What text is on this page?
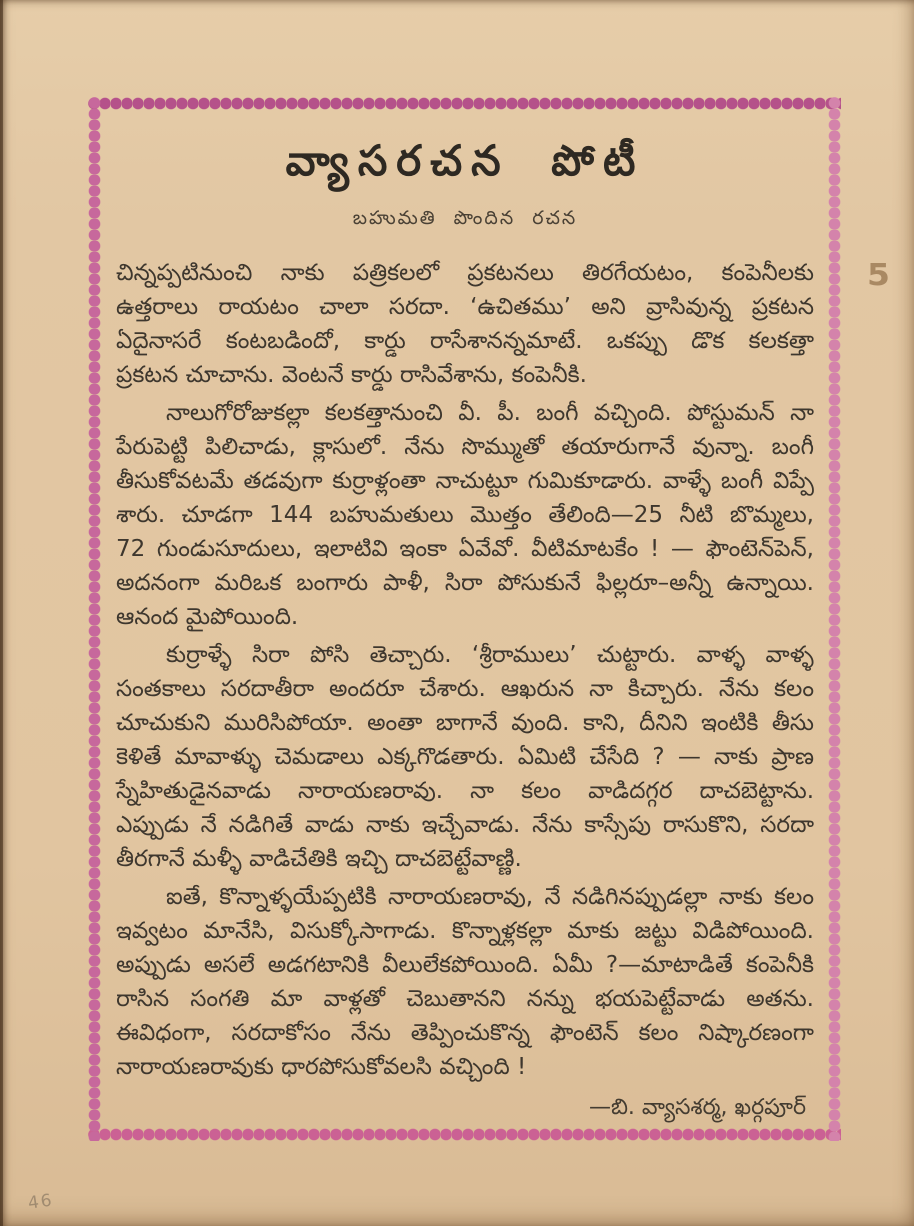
వ్యాసరచన పోటీ
బహుమతి పొందిన రచన
చిన్నప్పటినుంచి నాకు పత్రికలలో ప్రకటనలు తిరగేయటం, కంపెనీలకు
ఉత్తరాలు రాయటం చాలా సరదా. ‘ఉచితము’ అని వ్రాసివున్న ప్రకటన
ఏదైనాసరే కంటబడిందో, కార్డు రాసేశానన్నమాటే. ఒకప్పు డొక కలకత్తా
ప్రకటన చూచాను. వెంటనే కార్డు రాసివేశాను, కంపెనీకి.
నాలుగోరోజుకల్లా కలకత్తానుంచి వీ. పీ. బంగీ వచ్చింది. పోస్టుమన్ నా
పేరుపెట్టి పిలిచాడు, క్లాసులో. నేను సొమ్ముతో తయారుగానే వున్నా. బంగీ
తీసుకోవటమే తడవుగా కుర్రాళ్లంతా నాచుట్టూ గుమికూడారు. వాళ్ళే బంగీ విప్పే
శారు. చూడగా 144 బహుమతులు మొత్తం తేలింది—25 నీటి బొమ్మలు,
72 గుండుసూదులు, ఇలాటివి ఇంకా ఏవేవో. వీటిమాటకేం ! — ఫౌంటెన్‌పెన్,
అదనంగా మరిఒక బంగారు పాళీ, సిరా పోసుకునే ఫిల్లరూ–అన్నీ ఉన్నాయి.
ఆనంద మైపోయింది.
కుర్రాళ్ళే సిరా పోసి తెచ్చారు. ‘శ్రీరాములు’ చుట్టారు. వాళ్ళ వాళ్ళ
సంతకాలు సరదాతీరా అందరూ చేశారు. ఆఖరున నా కిచ్చారు. నేను కలం
చూచుకుని మురిసిపోయా. అంతా బాగానే వుంది. కాని, దీనిని ఇంటికి తీసు
కెళితే మావాళ్ళు చెమడాలు ఎక్కగొడతారు. ఏమిటి చేసేది ? — నాకు ప్రాణ
స్నేహితుడైనవాడు నారాయణరావు. నా కలం వాడిదగ్గర దాచబెట్టాను.
ఎప్పుడు నే నడిగితే వాడు నాకు ఇచ్చేవాడు. నేను కాస్సేపు రాసుకొని, సరదా
తీరగానే మళ్ళీ వాడిచేతికి ఇచ్చి దాచబెట్టేవాణ్ణి.
ఐతే, కొన్నాళ్ళయేప్పటికి నారాయణరావు, నే నడిగినప్పుడల్లా నాకు కలం
ఇవ్వటం మానేసి, విసుక్కోసాగాడు. కొన్నాళ్లకల్లా మాకు జట్టు విడిపోయింది.
అప్పుడు అసలే అడగటానికి వీలులేకపోయింది. ఏమీ ?—మాటాడితే కంపెనీకి
రాసిన సంగతి మా వాళ్లతో చెబుతానని నన్ను భయపెట్టేవాడు అతను.
ఈవిధంగా, సరదాకోసం నేను తెప్పించుకొన్న ఫౌంటెన్ కలం నిష్కారణంగా
నారాయణరావుకు ధారపోసుకోవలసి వచ్చింది !
—బి. వ్యాసశర్మ, ఖర్గపూర్
5
46
